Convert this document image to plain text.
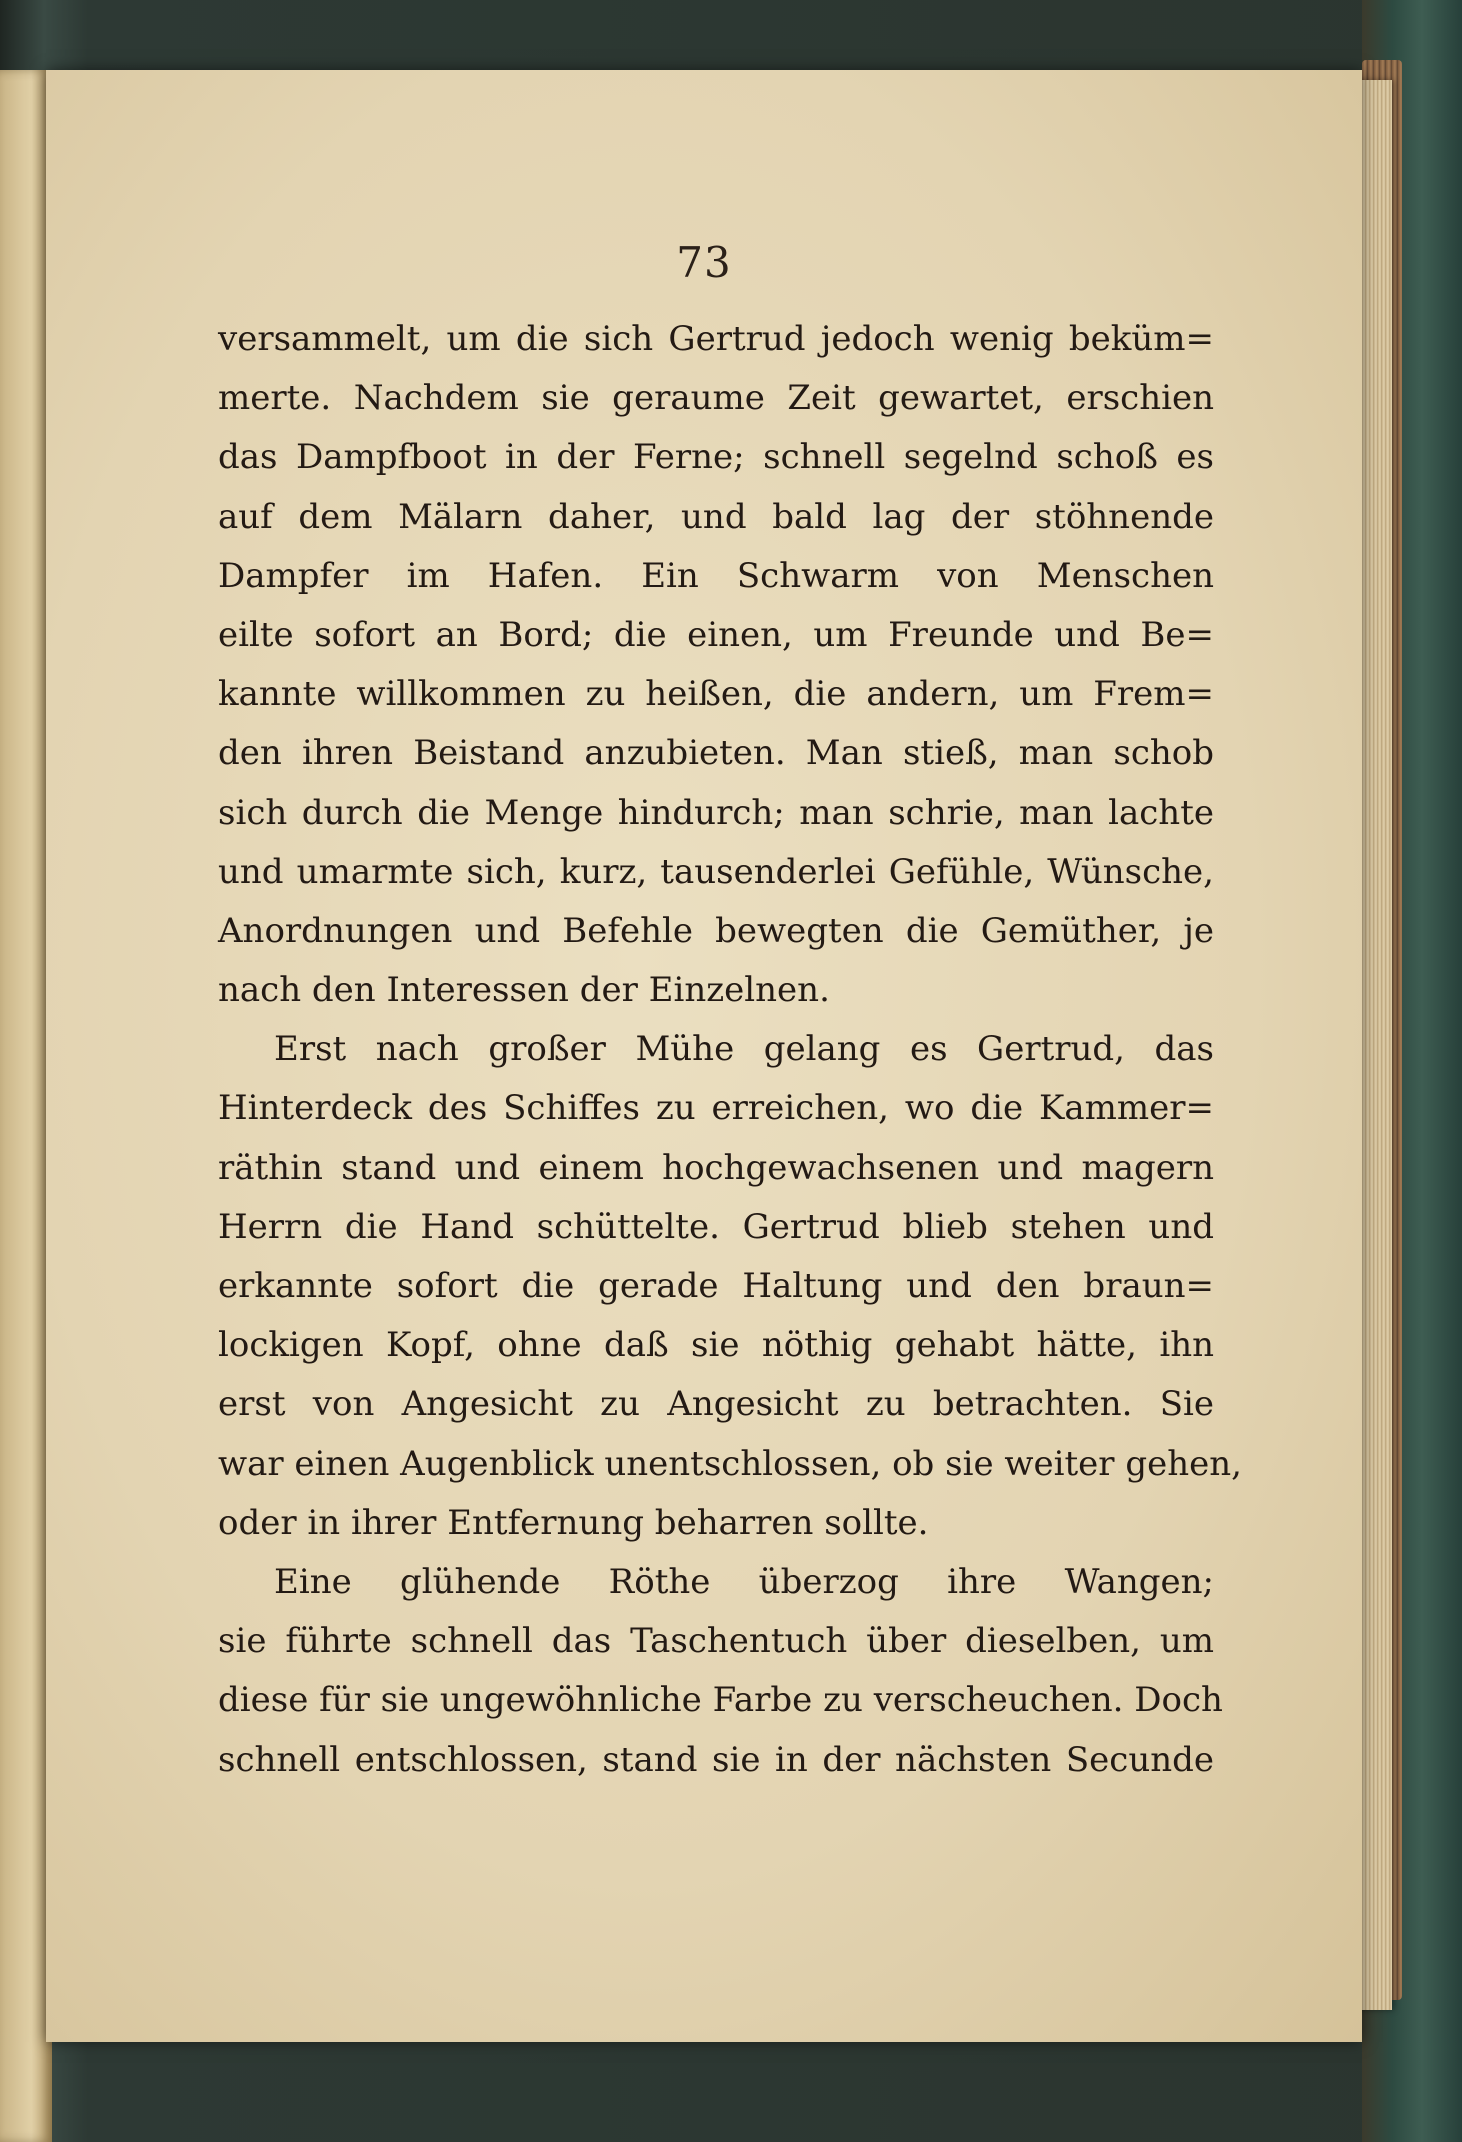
73
versammelt, um die sich Gertrud jedoch wenig beküm=
merte. Nachdem sie geraume Zeit gewartet, erschien
das Dampfboot in der Ferne; schnell segelnd schoß es
auf dem Mälarn daher, und bald lag der stöhnende
Dampfer im Hafen. Ein Schwarm von Menschen
eilte sofort an Bord; die einen, um Freunde und Be=
kannte willkommen zu heißen, die andern, um Frem=
den ihren Beistand anzubieten. Man stieß, man schob
sich durch die Menge hindurch; man schrie, man lachte
und umarmte sich, kurz, tausenderlei Gefühle, Wünsche,
Anordnungen und Befehle bewegten die Gemüther, je
nach den Interessen der Einzelnen.
Erst nach großer Mühe gelang es Gertrud, das
Hinterdeck des Schiffes zu erreichen, wo die Kammer=
räthin stand und einem hochgewachsenen und magern
Herrn die Hand schüttelte. Gertrud blieb stehen und
erkannte sofort die gerade Haltung und den braun=
lockigen Kopf, ohne daß sie nöthig gehabt hätte, ihn
erst von Angesicht zu Angesicht zu betrachten. Sie
war einen Augenblick unentschlossen, ob sie weiter gehen,
oder in ihrer Entfernung beharren sollte.
Eine glühende Röthe überzog ihre Wangen;
sie führte schnell das Taschentuch über dieselben, um
diese für sie ungewöhnliche Farbe zu verscheuchen. Doch
schnell entschlossen, stand sie in der nächsten Secunde
